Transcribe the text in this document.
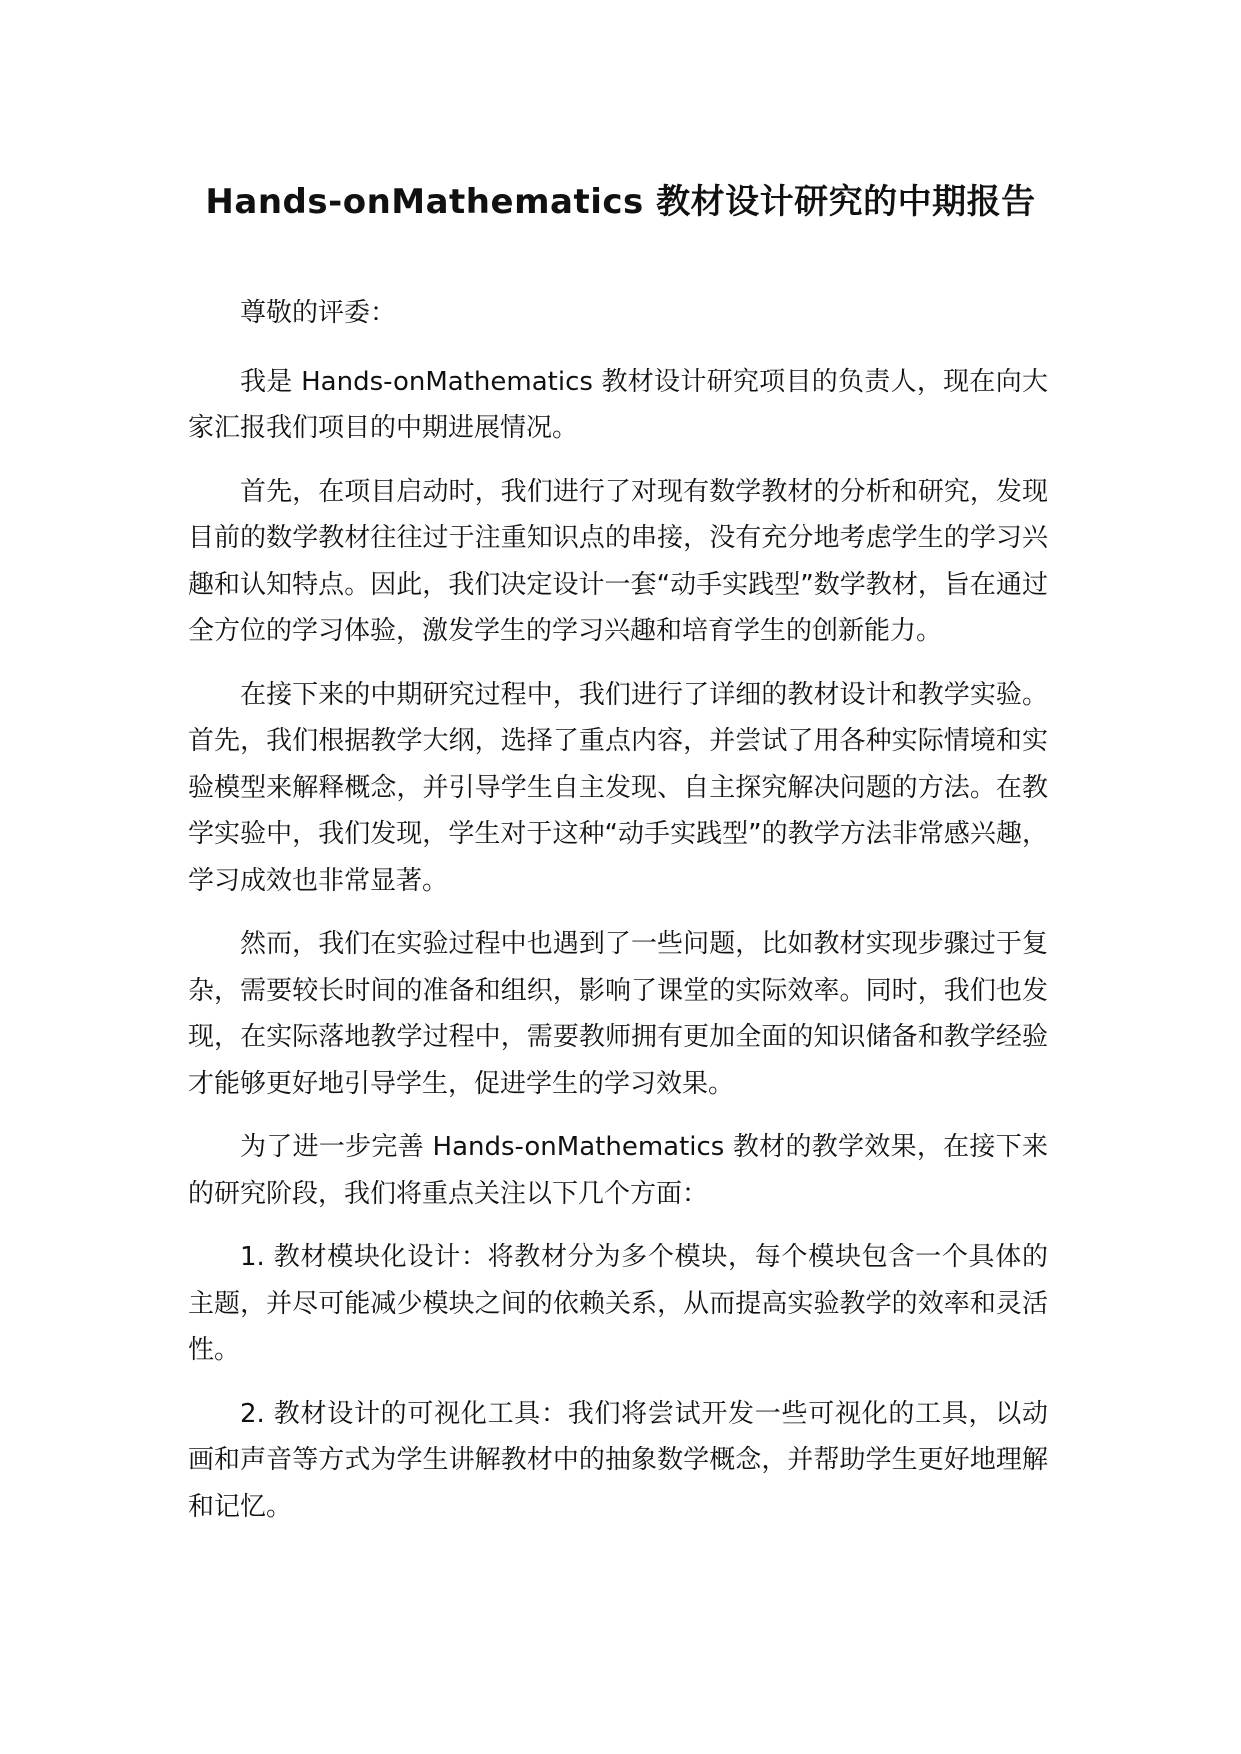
Hands-onMathematics 教材设计研究的中期报告

尊敬的评委：

我是 Hands-onMathematics 教材设计研究项目的负责人，现在向大家汇报我们项目的中期进展情况。

首先，在项目启动时，我们进行了对现有数学教材的分析和研究，发现目前的数学教材往往过于注重知识点的串接，没有充分地考虑学生的学习兴趣和认知特点。因此，我们决定设计一套“动手实践型”数学教材，旨在通过全方位的学习体验，激发学生的学习兴趣和培育学生的创新能力。

在接下来的中期研究过程中，我们进行了详细的教材设计和教学实验。首先，我们根据教学大纲，选择了重点内容，并尝试了用各种实际情境和实验模型来解释概念，并引导学生自主发现、自主探究解决问题的方法。在教学实验中，我们发现，学生对于这种“动手实践型”的教学方法非常感兴趣，学习成效也非常显著。

然而，我们在实验过程中也遇到了一些问题，比如教材实现步骤过于复杂，需要较长时间的准备和组织，影响了课堂的实际效率。同时，我们也发现，在实际落地教学过程中，需要教师拥有更加全面的知识储备和教学经验才能够更好地引导学生，促进学生的学习效果。

为了进一步完善 Hands-onMathematics 教材的教学效果，在接下来的研究阶段，我们将重点关注以下几个方面：

1. 教材模块化设计：将教材分为多个模块，每个模块包含一个具体的主题，并尽可能减少模块之间的依赖关系，从而提高实验教学的效率和灵活性。

2. 教材设计的可视化工具：我们将尝试开发一些可视化的工具，以动画和声音等方式为学生讲解教材中的抽象数学概念，并帮助学生更好地理解和记忆。
